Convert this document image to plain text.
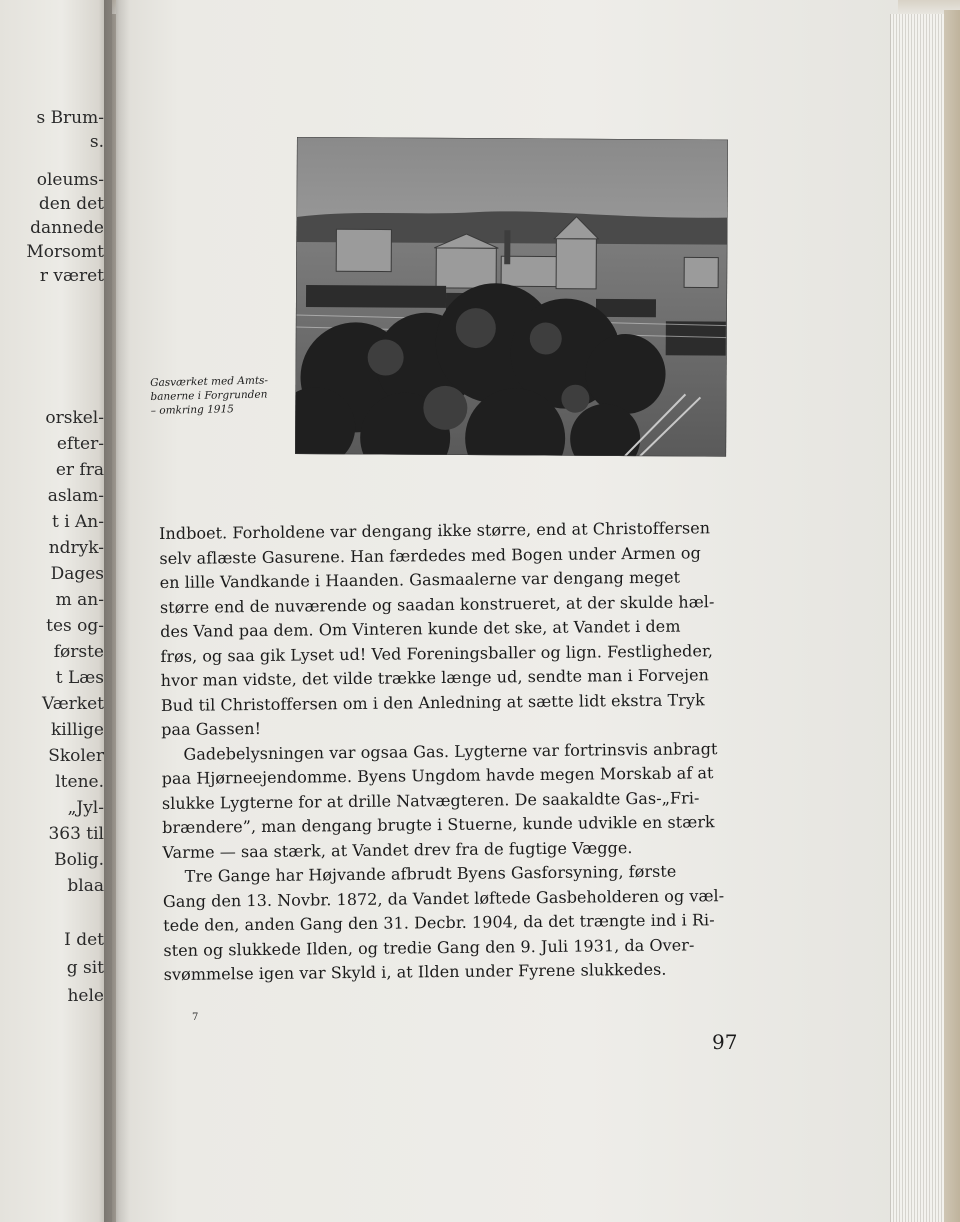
s Brum-
s.
oleums-
den det
dannede
Morsomt
r været
orskel-
efter-
er fra
aslam-
t i An-
ndryk-
Dages
m an-
tes og-
første
t Læs
Værket
killige
Skoler
ltene.
„Jyl-
363 til
Bolig.
blaa
I det
g sit
hele
Gasværket med Amts-
banerne i Forgrunden
– omkring 1915
Indboet. Forholdene var dengang ikke større, end at Christoffersen
selv aflæste Gasurene. Han færdedes med Bogen under Armen og
en lille Vandkande i Haanden. Gasmaalerne var dengang meget
større end de nuværende og saadan konstrueret, at der skulde hæl-
des Vand paa dem. Om Vinteren kunde det ske, at Vandet i dem
frøs, og saa gik Lyset ud! Ved Foreningsballer og lign. Festligheder,
hvor man vidste, det vilde trække længe ud, sendte man i Forvejen
Bud til Christoffersen om i den Anledning at sætte lidt ekstra Tryk
paa Gassen!
Gadebelysningen var ogsaa Gas. Lygterne var fortrinsvis anbragt
paa Hjørneejendomme. Byens Ungdom havde megen Morskab af at
slukke Lygterne for at drille Natvægteren. De saakaldte Gas-„Fri-
brændere”, man dengang brugte i Stuerne, kunde udvikle en stærk
Varme — saa stærk, at Vandet drev fra de fugtige Vægge.
Tre Gange har Højvande afbrudt Byens Gasforsyning, første
Gang den 13. Novbr. 1872, da Vandet løftede Gasbeholderen og væl-
tede den, anden Gang den 31. Decbr. 1904, da det trængte ind i Ri-
sten og slukkede Ilden, og tredie Gang den 9. Juli 1931, da Over-
svømmelse igen var Skyld i, at Ilden under Fyrene slukkedes.
7
97
